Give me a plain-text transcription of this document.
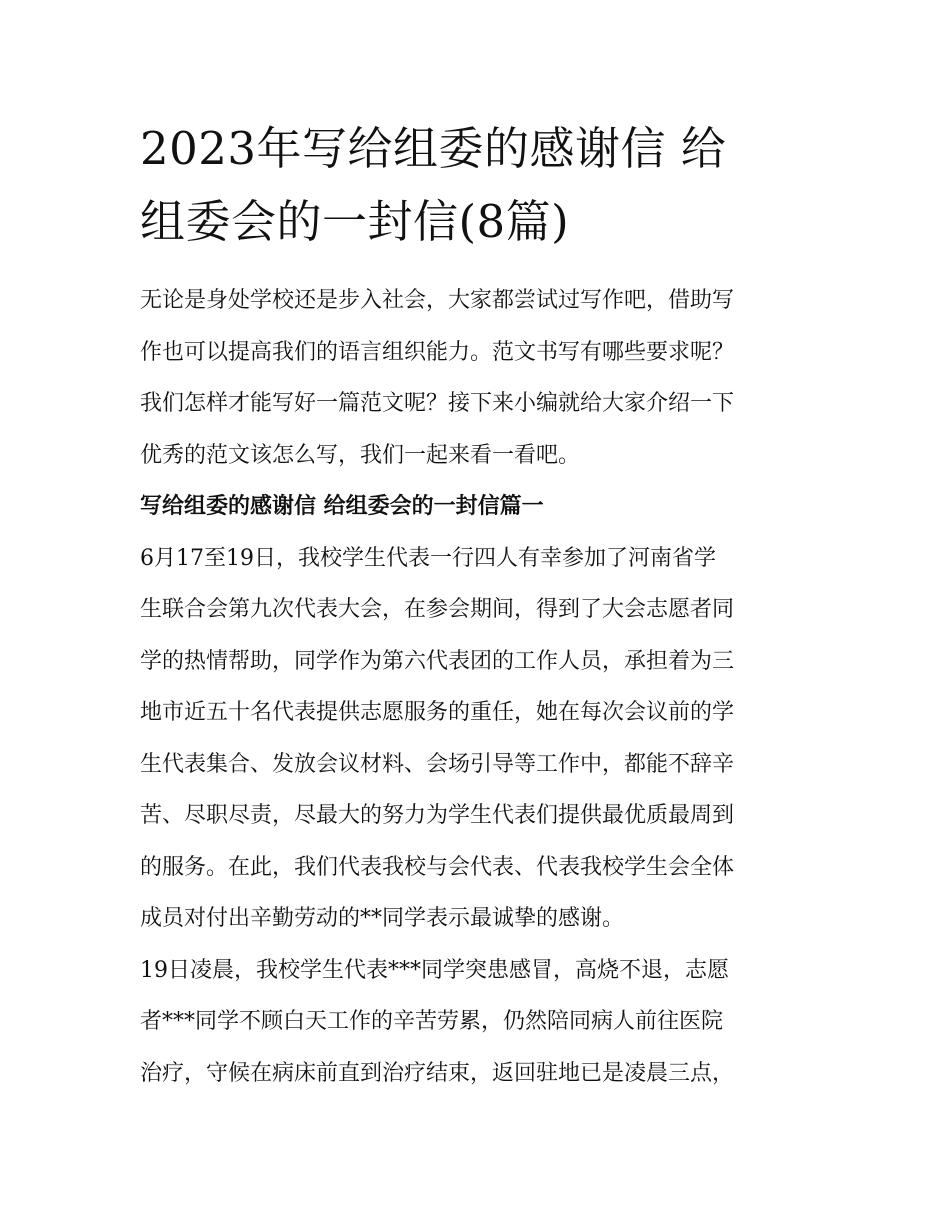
2023年写给组委的感谢信 给
组委会的一封信(8篇)

无论是身处学校还是步入社会，大家都尝试过写作吧，借助写
作也可以提高我们的语言组织能力。范文书写有哪些要求呢？
我们怎样才能写好一篇范文呢？接下来小编就给大家介绍一下
优秀的范文该怎么写，我们一起来看一看吧。

写给组委的感谢信 给组委会的一封信篇一

6月17至19日，我校学生代表一行四人有幸参加了河南省学
生联合会第九次代表大会，在参会期间，得到了大会志愿者同
学的热情帮助，同学作为第六代表团的工作人员，承担着为三
地市近五十名代表提供志愿服务的重任，她在每次会议前的学
生代表集合、发放会议材料、会场引导等工作中，都能不辞辛
苦、尽职尽责，尽最大的努力为学生代表们提供最优质最周到
的服务。在此，我们代表我校与会代表、代表我校学生会全体
成员对付出辛勤劳动的**同学表示最诚挚的感谢。

19日凌晨，我校学生代表***同学突患感冒，高烧不退，志愿
者***同学不顾白天工作的辛苦劳累，仍然陪同病人前往医院
治疗，守候在病床前直到治疗结束，返回驻地已是凌晨三点，
